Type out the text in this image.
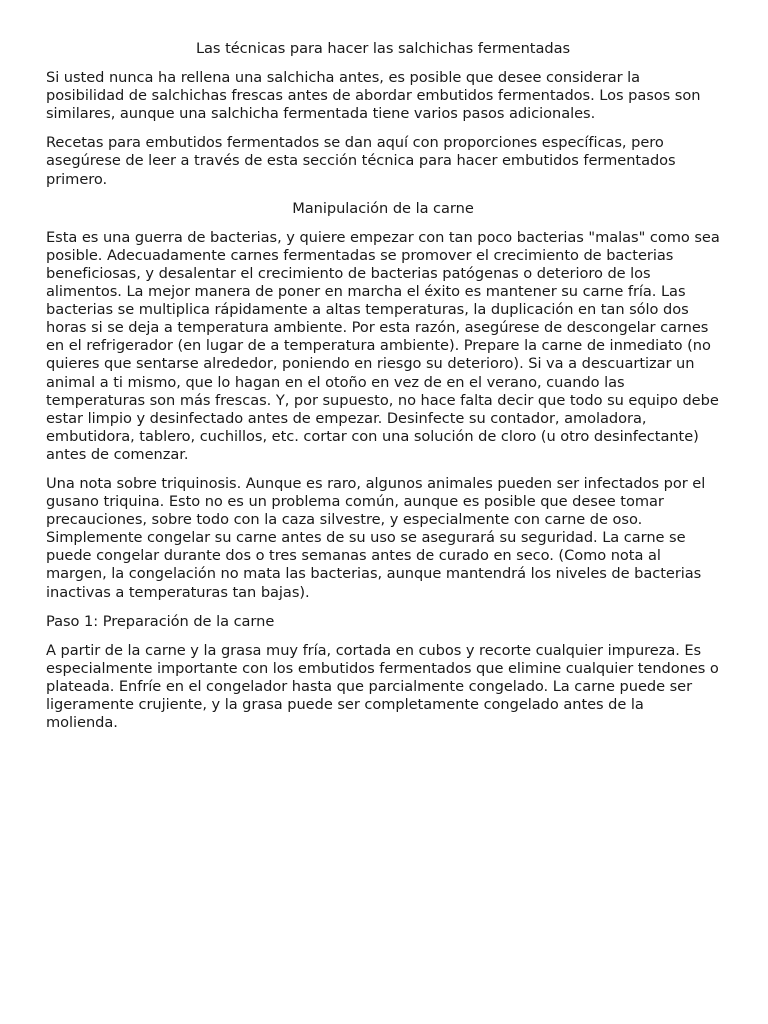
Las técnicas para hacer las salchichas fermentadas

Si usted nunca ha rellena una salchicha antes, es posible que desee considerar la posibilidad de salchichas frescas antes de abordar embutidos fermentados. Los pasos son similares, aunque una salchicha fermentada tiene varios pasos adicionales.

Recetas para embutidos fermentados se dan aquí con proporciones específicas, pero asegúrese de leer a través de esta sección técnica para hacer embutidos fermentados primero.

Manipulación de la carne

Esta es una guerra de bacterias, y quiere empezar con tan poco bacterias "malas" como sea posible. Adecuadamente carnes fermentadas se promover el crecimiento de bacterias beneficiosas, y desalentar el crecimiento de bacterias patógenas o deterioro de los alimentos. La mejor manera de poner en marcha el éxito es mantener su carne fría. Las bacterias se multiplica rápidamente a altas temperaturas, la duplicación en tan sólo dos horas si se deja a temperatura ambiente. Por esta razón, asegúrese de descongelar carnes en el refrigerador (en lugar de a temperatura ambiente). Prepare la carne de inmediato (no quieres que sentarse alrededor, poniendo en riesgo su deterioro). Si va a descuartizar un animal a ti mismo, que lo hagan en el otoño en vez de en el verano, cuando las temperaturas son más frescas. Y, por supuesto, no hace falta decir que todo su equipo debe estar limpio y desinfectado antes de empezar. Desinfecte su contador, amoladora, embutidora, tablero, cuchillos, etc. cortar con una solución de cloro (u otro desinfectante) antes de comenzar.

Una nota sobre triquinosis. Aunque es raro, algunos animales pueden ser infectados por el gusano triquina. Esto no es un problema común, aunque es posible que desee tomar precauciones, sobre todo con la caza silvestre, y especialmente con carne de oso. Simplemente congelar su carne antes de su uso se asegurará su seguridad. La carne se puede congelar durante dos o tres semanas antes de curado en seco. (Como nota al margen, la congelación no mata las bacterias, aunque mantendrá los niveles de bacterias inactivas a temperaturas tan bajas).

Paso 1: Preparación de la carne

A partir de la carne y la grasa muy fría, cortada en cubos y recorte cualquier impureza. Es especialmente importante con los embutidos fermentados que elimine cualquier tendones o plateada. Enfríe en el congelador hasta que parcialmente congelado. La carne puede ser ligeramente crujiente, y la grasa puede ser completamente congelado antes de la molienda.
